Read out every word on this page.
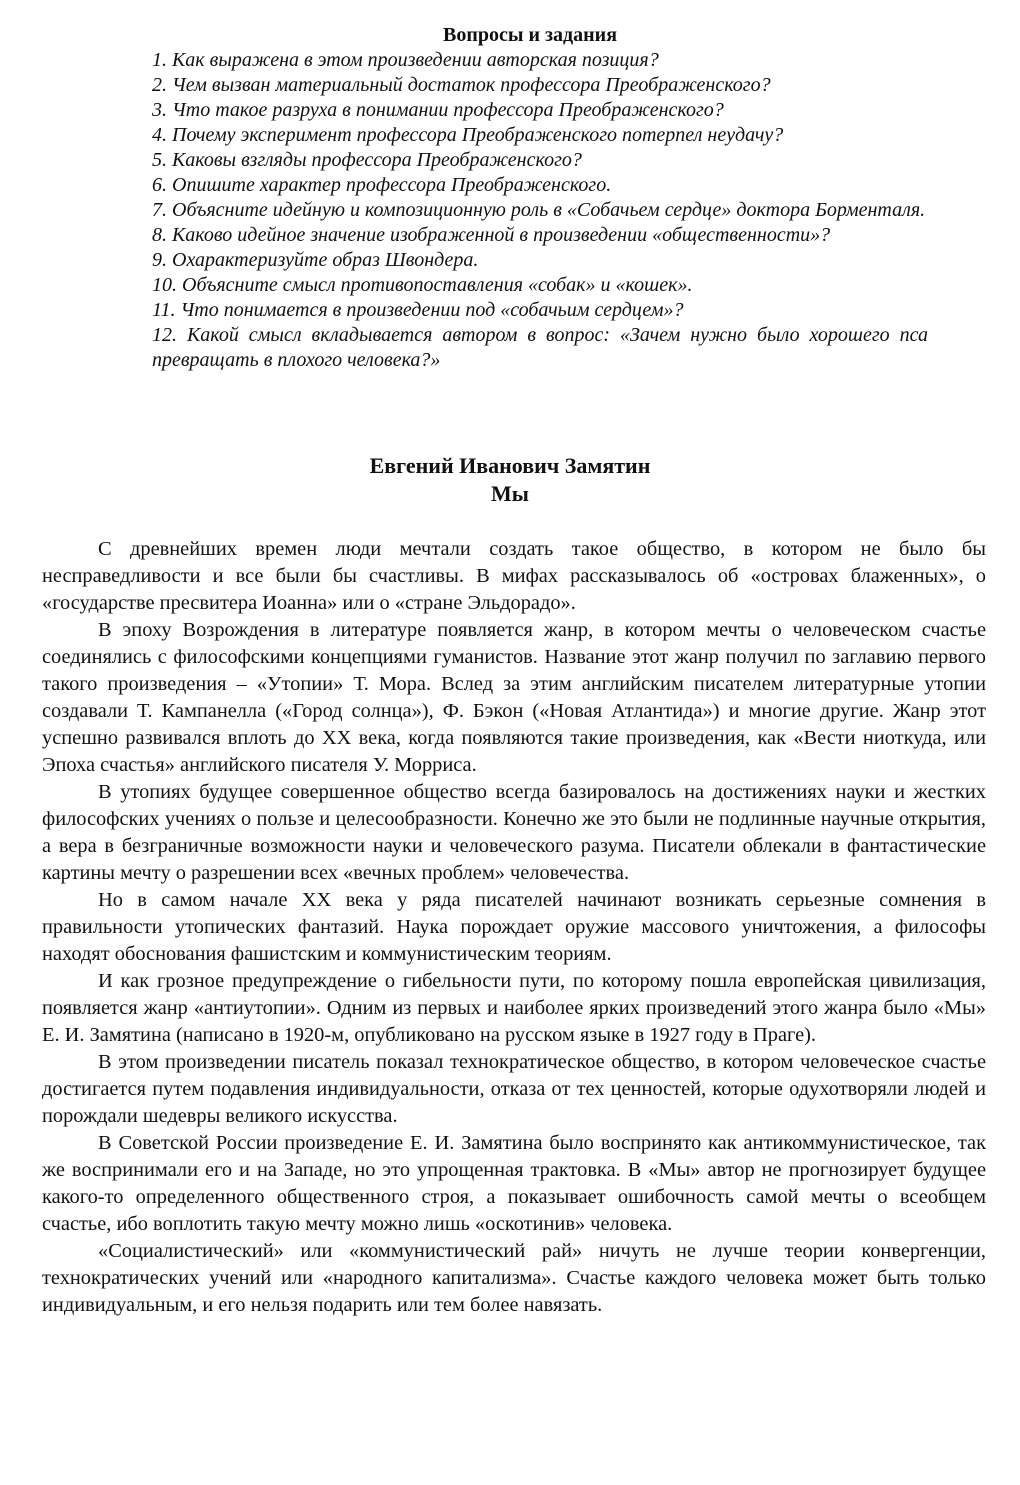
Вопросы и задания
1. Как выражена в этом произведении авторская позиция?
2. Чем вызван материальный достаток профессора Преображенского?
3. Что такое разруха в понимании профессора Преображенского?
4. Почему эксперимент профессора Преображенского потерпел неудачу?
5. Каковы взгляды профессора Преображенского?
6. Опишите характер профессора Преображенского.
7. Объясните идейную и композиционную роль в «Собачьем сердце» доктора Борменталя.
8. Каково идейное значение изображенной в произведении «общественности»?
9. Охарактеризуйте образ Швондера.
10. Объясните смысл противопоставления «собак» и «кошек».
11. Что понимается в произведении под «собачьим сердцем»?
12. Какой смысл вкладывается автором в вопрос: «Зачем нужно было хорошего пса превращать в плохого человека?»
Евгений Иванович Замятин
Мы

С древнейших времен люди мечтали создать такое общество, в котором не было бы несправедливости и все были бы счастливы. В мифах рассказывалось об «островах блаженных», о «государстве пресвитера Иоанна» или о «стране Эльдорадо».

В эпоху Возрождения в литературе появляется жанр, в котором мечты о человеческом счастье соединялись с философскими концепциями гуманистов. Название этот жанр получил по заглавию первого такого произведения – «Утопии» Т. Мора. Вслед за этим английским писателем литературные утопии создавали Т. Кампанелла («Город солнца»), Ф. Бэкон («Новая Атлантида») и многие другие. Жанр этот успешно развивался вплоть до XX века, когда появляются такие произведения, как «Вести ниоткуда, или Эпоха счастья» английского писателя У. Морриса.

В утопиях будущее совершенное общество всегда базировалось на достижениях науки и жестких философских учениях о пользе и целесообразности. Конечно же это были не подлинные научные открытия, а вера в безграничные возможности науки и человеческого разума. Писатели облекали в фантастические картины мечту о разрешении всех «вечных проблем» человечества.

Но в самом начале XX века у ряда писателей начинают возникать серьезные сомнения в правильности утопических фантазий. Наука порождает оружие массового уничтожения, а философы находят обоснования фашистским и коммунистическим теориям.

И как грозное предупреждение о гибельности пути, по которому пошла европейская цивилизация, появляется жанр «антиутопии». Одним из первых и наиболее ярких произведений этого жанра было «Мы» Е. И. Замятина (написано в 1920-м, опубликовано на русском языке в 1927 году в Праге).

В этом произведении писатель показал технократическое общество, в котором человеческое счастье достигается путем подавления индивидуальности, отказа от тех ценностей, которые одухотворяли людей и порождали шедевры великого искусства.

В Советской России произведение Е. И. Замятина было воспринято как антикоммунистическое, так же воспринимали его и на Западе, но это упрощенная трактовка. В «Мы» автор не прогнозирует будущее какого-то определенного общественного строя, а показывает ошибочность самой мечты о всеобщем счастье, ибо воплотить такую мечту можно лишь «оскотинив» человека.

«Социалистический» или «коммунистический рай» ничуть не лучше теории конвергенции, технократических учений или «народного капитализма». Счастье каждого человека может быть только индивидуальным, и его нельзя подарить или тем более навязать.
